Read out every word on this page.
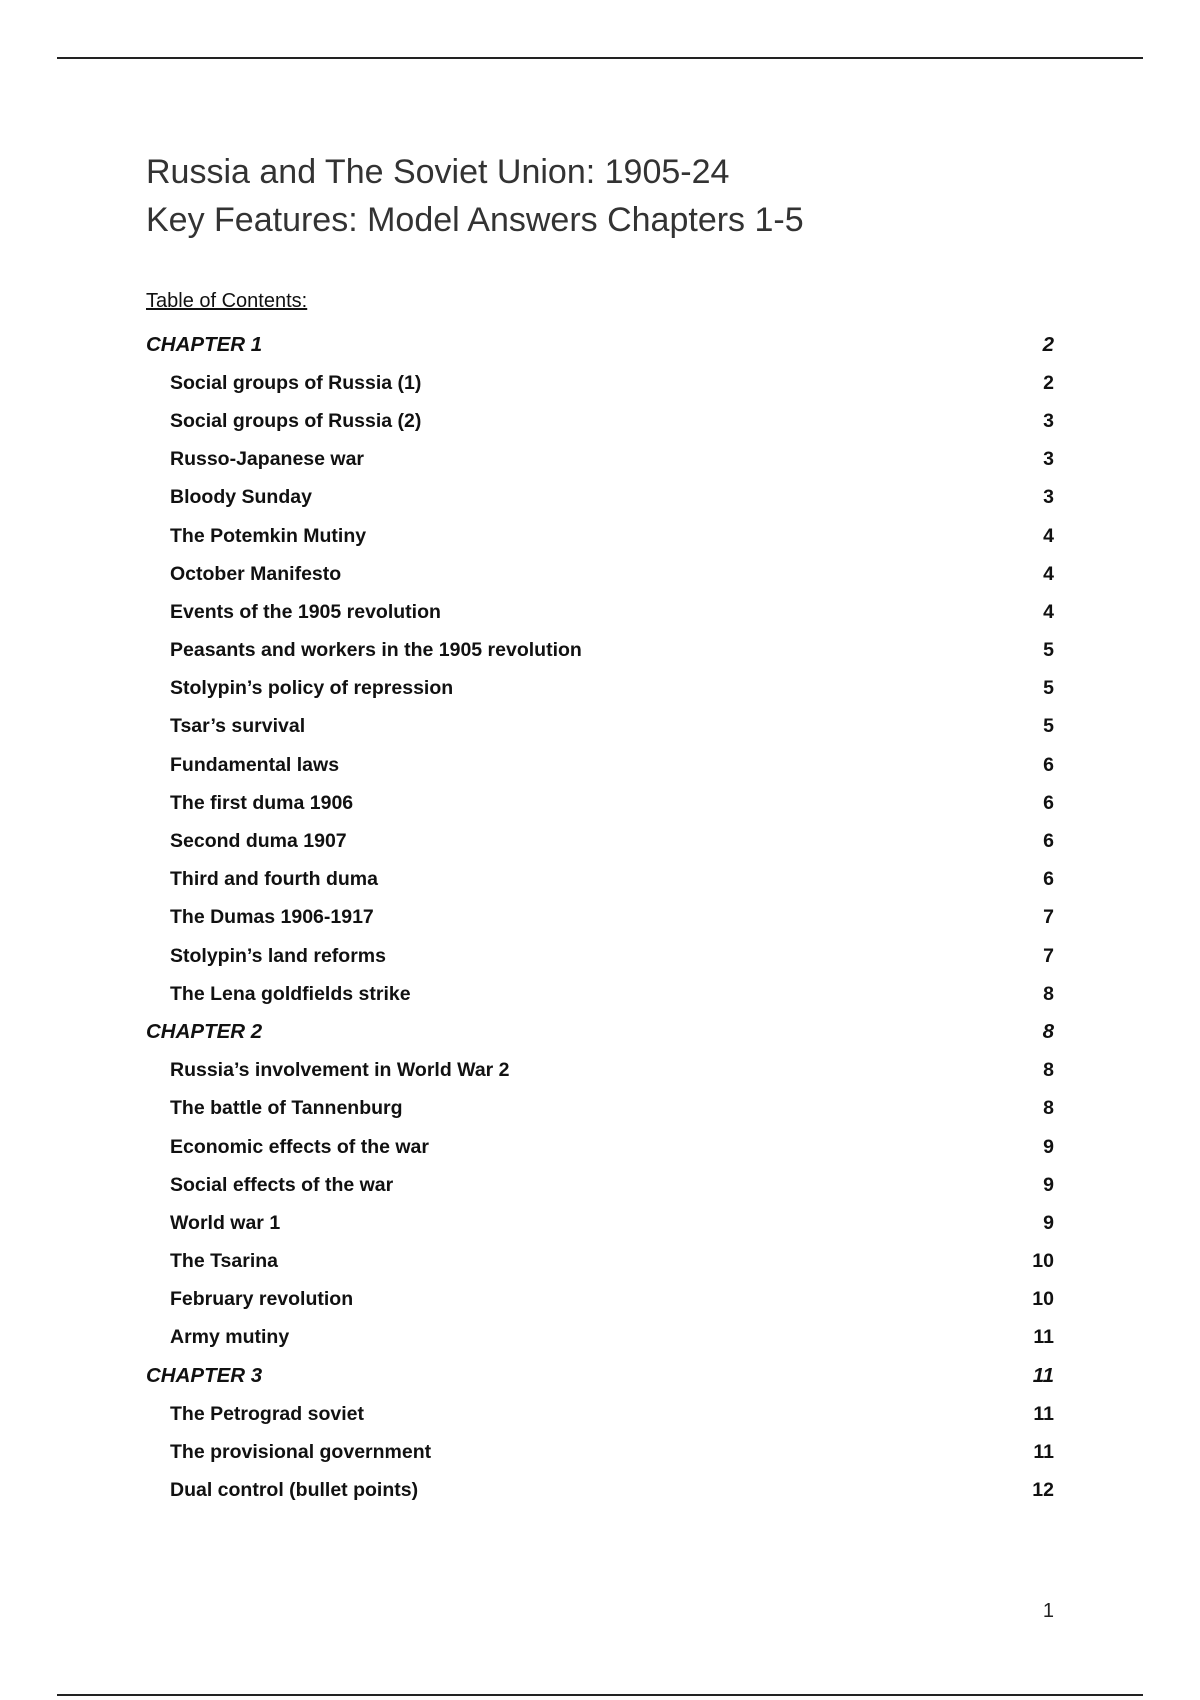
Russia and The Soviet Union: 1905-24
Key Features: Model Answers Chapters 1-5
Table of Contents:
CHAPTER 1	2
Social groups of Russia (1)	2
Social groups of Russia (2)	3
Russo-Japanese war	3
Bloody Sunday	3
The Potemkin Mutiny	4
October Manifesto	4
Events of the 1905 revolution	4
Peasants and workers in the 1905 revolution	5
Stolypin’s policy of repression	5
Tsar’s survival	5
Fundamental laws	6
The first duma 1906	6
Second duma 1907	6
Third and fourth duma	6
The Dumas 1906-1917	7
Stolypin’s land reforms	7
The Lena goldfields strike	8
CHAPTER 2	8
Russia’s involvement in World War 2	8
The battle of Tannenburg	8
Economic effects of the war	9
Social effects of the war	9
World war 1	9
The Tsarina	10
February revolution	10
Army mutiny	11
CHAPTER 3	11
The Petrograd soviet	11
The provisional government	11
Dual control (bullet points)	12
1
